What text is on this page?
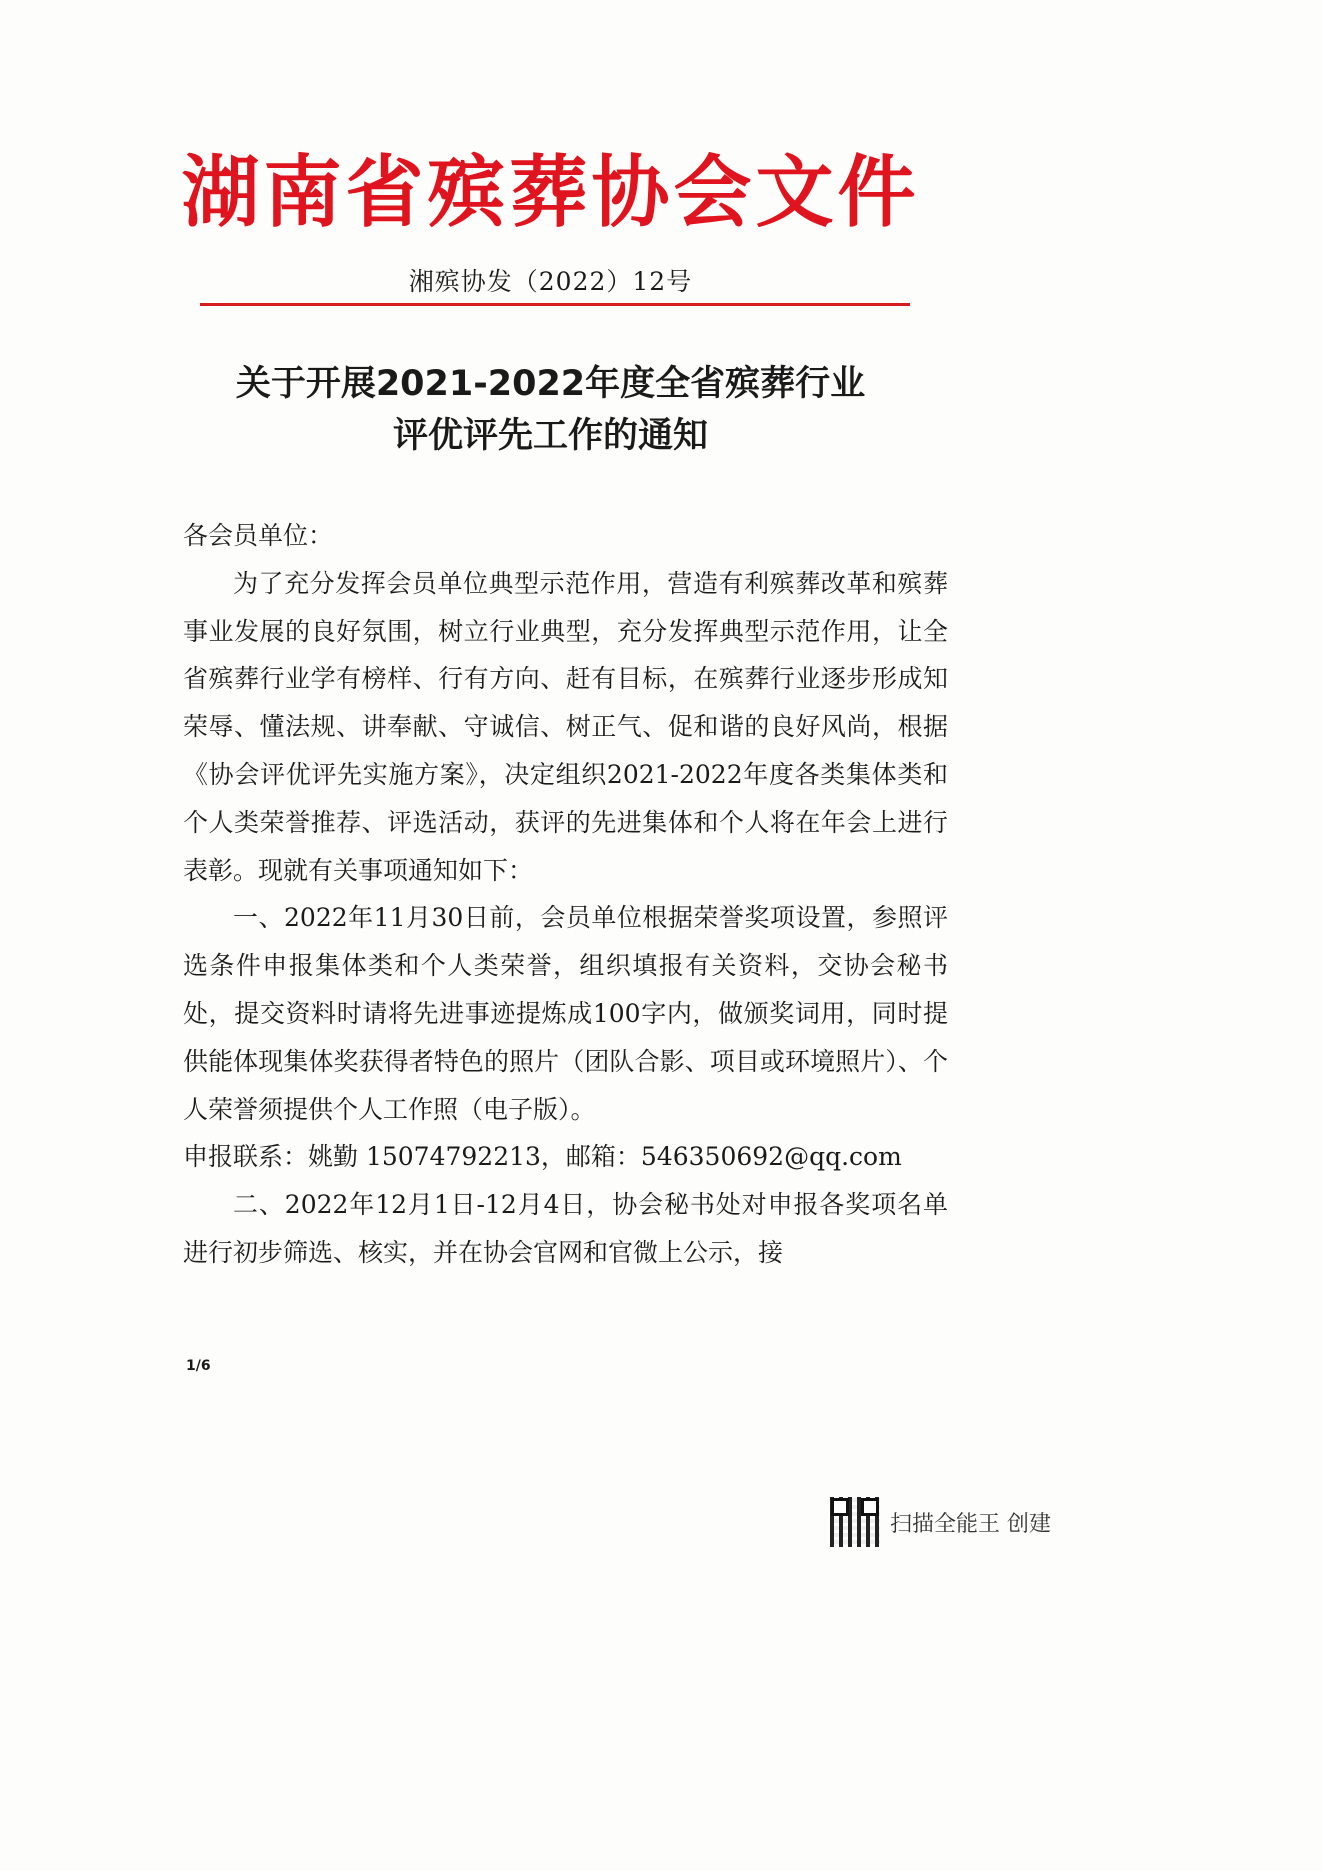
湖南省殡葬协会文件
湘殡协发（2022）12号
关于开展2021-2022年度全省殡葬行业
评优评先工作的通知

各会员单位：

为了充分发挥会员单位典型示范作用，营造有利殡葬改革和殡葬事业发展的良好氛围，树立行业典型，充分发挥典型示范作用，让全省殡葬行业学有榜样、行有方向、赶有目标，在殡葬行业逐步形成知荣辱、懂法规、讲奉献、守诚信、树正气、促和谐的良好风尚，根据《协会评优评先实施方案》，决定组织2021-2022年度各类集体类和个人类荣誉推荐、评选活动，获评的先进集体和个人将在年会上进行表彰。现就有关事项通知如下：

一、2022年11月30日前，会员单位根据荣誉奖项设置，参照评选条件申报集体类和个人类荣誉，组织填报有关资料，交协会秘书处，提交资料时请将先进事迹提炼成100字内，做颁奖词用，同时提供能体现集体奖获得者特色的照片（团队合影、项目或环境照片）、个人荣誉须提供个人工作照（电子版）。

申报联系：姚勤 15074792213，邮箱：546350692@qq.com

二、2022年12月1日-12月4日，协会秘书处对申报各奖项名单进行初步筛选、核实，并在协会官网和官微上公示，接

1/6
扫描全能王 创建
